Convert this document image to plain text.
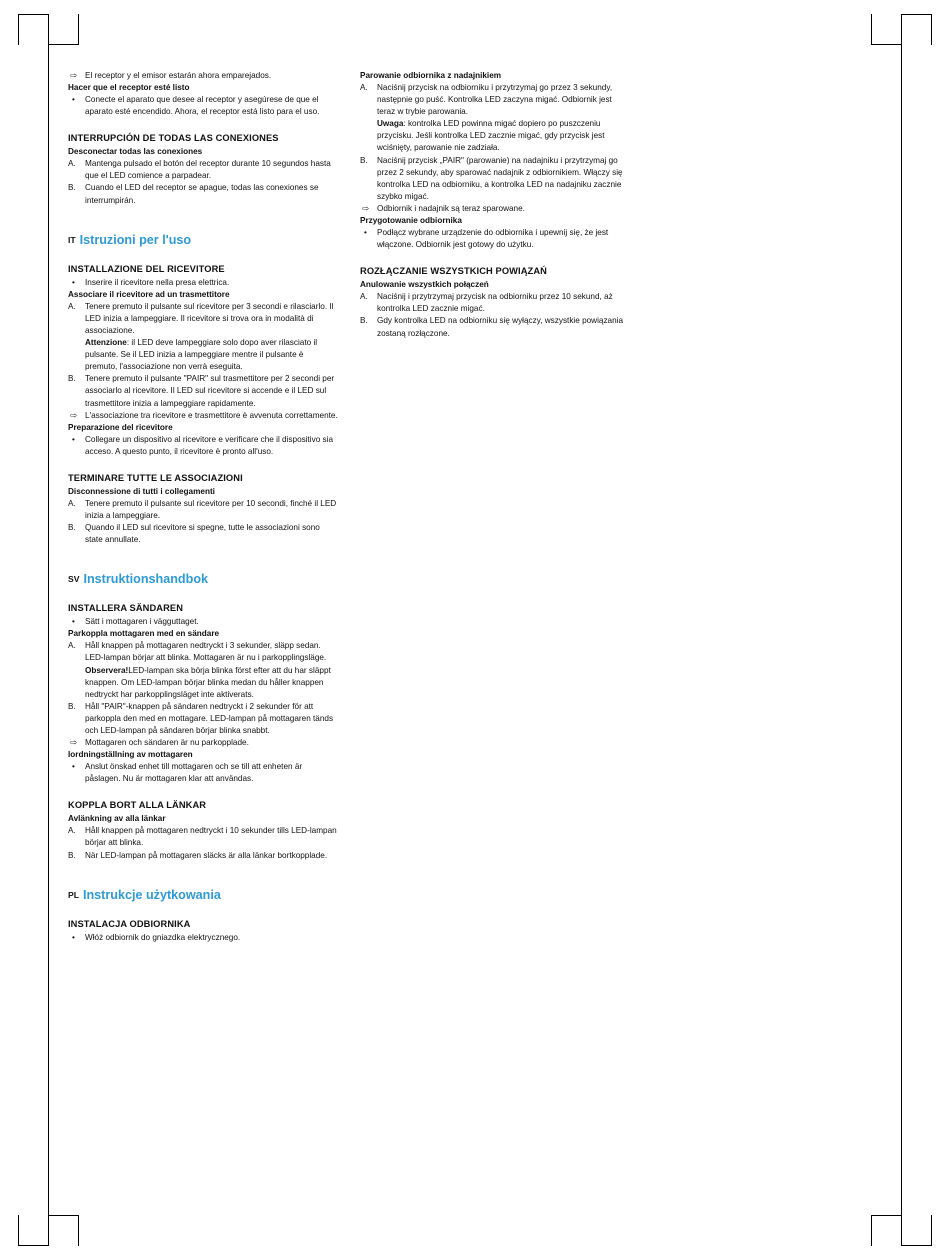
⇨ El receptor y el emisor estarán ahora emparejados.
Hacer que el receptor esté listo
•	Conecte el aparato que desee al receptor y asegúrese de que el aparato esté encendido. Ahora, el receptor está listo para el uso.
INTERRUPCIÓN DE TODAS LAS CONEXIONES
Desconectar todas las conexiones
A.	Mantenga pulsado el botón del receptor durante 10 segundos hasta que el LED comience a parpadear.
B.	Cuando el LED del receptor se apague, todas las conexiones se interrumpirán.
IT Istruzioni per l'uso
INSTALLAZIONE DEL RICEVITORE
•	Inserire il ricevitore nella presa elettrica.
Associare il ricevitore ad un trasmettitore
A.	Tenere premuto il pulsante sul ricevitore per 3 secondi e rilasciarlo. Il LED inizia a lampeggiare. Il ricevitore si trova ora in modalità di associazione.
Attenzione: il LED deve lampeggiare solo dopo aver rilasciato il pulsante. Se il LED inizia a lampeggiare mentre il pulsante è premuto, l'associazione non verrà eseguita.
B.	Tenere premuto il pulsante "PAIR" sul trasmettitore per 2 secondi per associarlo al ricevitore. Il LED sul ricevitore si accende e il LED sul trasmettitore inizia a lampeggiare rapidamente.
⇨ L'associazione tra ricevitore e trasmettitore è avvenuta correttamente.
Preparazione del ricevitore
•	Collegare un dispositivo al ricevitore e verificare che il dispositivo sia acceso. A questo punto, il ricevitore è pronto all'uso.
TERMINARE TUTTE LE ASSOCIAZIONI
Disconnessione di tutti i collegamenti
A.	Tenere premuto il pulsante sul ricevitore per 10 secondi, finché il LED inizia a lampeggiare.
B.	Quando il LED sul ricevitore si spegne, tutte le associazioni sono state annullate.
SV Instruktionshandbok
INSTALLERA SÄNDAREN
•	Sätt i mottagaren i vägguttaget.
Parkoppla mottagaren med en sändare
A.	Håll knappen på mottagaren nedtryckt i 3 sekunder, släpp sedan. LED-lampan börjar att blinka. Mottagaren är nu i parkopplingsläge.
Observera!LED-lampan ska börja blinka först efter att du har släppt knappen. Om LED-lampan börjar blinka medan du håller knappen nedtryckt har parkopplingsläget inte aktiverats.
B.	Håll "PAIR"-knappen på sändaren nedtryckt i 2 sekunder för att parkoppla den med en mottagare. LED-lampan på mottagaren tänds och LED-lampan på sändaren börjar blinka snabbt.
⇨ Mottagaren och sändaren är nu parkopplade.
Iordningställning av mottagaren
•	Anslut önskad enhet till mottagaren och se till att enheten är påslagen. Nu är mottagaren klar att användas.
KOPPLA BORT ALLA LÄNKAR
Avlänkning av alla länkar
A.	Håll knappen på mottagaren nedtryckt i 10 sekunder tills LED-lampan börjar att blinka.
B.	När LED-lampan på mottagaren släcks är alla länkar bortkopplade.
PL Instrukcje użytkowania
INSTALACJA ODBIORNIKA
•	Włóż odbiornik do gniazdka elektrycznego.
Parowanie odbiornika z nadajnikiem
A.	Naciśnij przycisk na odbiorniku i przytrzymaj go przez 3 sekundy, następnie go puść. Kontrolka LED zaczyna migać. Odbiornik jest teraz w trybie parowania.
Uwaga: kontrolka LED powinna migać dopiero po puszczeniu przycisku. Jeśli kontrolka LED zacznie migać, gdy przycisk jest wciśnięty, parowanie nie zadziała.
B.	Naciśnij przycisk „PAIR" (parowanie) na nadajniku i przytrzymaj go przez 2 sekundy, aby sparować nadajnik z odbiornikiem. Włączy się kontrolka LED na odbiorniku, a kontrolka LED na nadajniku zacznie szybko migać.
⇨ Odbiornik i nadajnik są teraz sparowane.
Przygotowanie odbiornika
•	Podłącz wybrane urządzenie do odbiornika i upewnij się, że jest włączone. Odbiornik jest gotowy do użytku.
ROZŁĄCZANIE WSZYSTKICH POWIĄZAŃ
Anulowanie wszystkich połączeń
A.	Naciśnij i przytrzymaj przycisk na odbiorniku przez 10 sekund, aż kontrolka LED zacznie migać.
B.	Gdy kontrolka LED na odbiorniku się wyłączy, wszystkie powiązania zostaną rozłączone.
